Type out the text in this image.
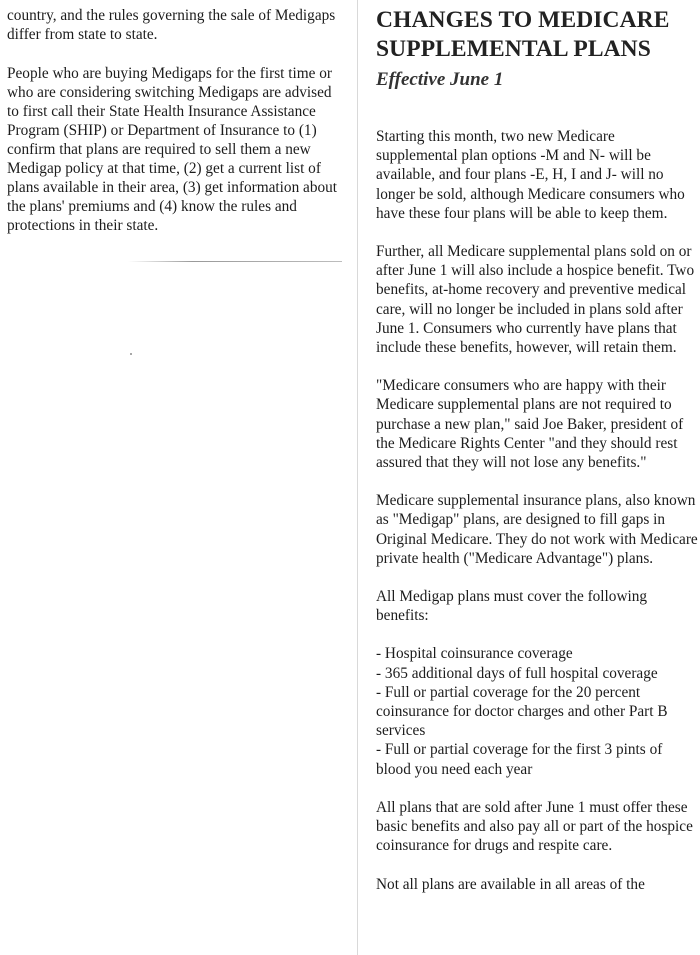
country, and the rules governing the sale of Medigaps differ from state to state.

People who are buying Medigaps for the first time or who are considering switching Medigaps are advised to first call their State Health Insurance Assistance Program (SHIP) or Department of Insurance to (1) confirm that plans are required to sell them a new Medigap policy at that time, (2) get a current list of plans available in their area, (3) get information about the plans' premiums and (4) know the rules and protections in their state.

CHANGES TO MEDICARE
SUPPLEMENTAL PLANS
Effective June 1

Starting this month, two new Medicare supplemental plan options -M and N- will be available, and four plans -E, H, I and J- will no longer be sold, although Medicare consumers who have these four plans will be able to keep them.

Further, all Medicare supplemental plans sold on or after June 1 will also include a hospice benefit. Two benefits, at-home recovery and preventive medical care, will no longer be included in plans sold after June 1. Consumers who currently have plans that include these benefits, however, will retain them.

"Medicare consumers who are happy with their Medicare supplemental plans are not required to purchase a new plan," said Joe Baker, president of the Medicare Rights Center "and they should rest assured that they will not lose any benefits."

Medicare supplemental insurance plans, also known as "Medigap" plans, are designed to fill gaps in Original Medicare. They do not work with Medicare private health ("Medicare Advantage") plans.

All Medigap plans must cover the following benefits:

- Hospital coinsurance coverage
- 365 additional days of full hospital coverage
- Full or partial coverage for the 20 percent coinsurance for doctor charges and other Part B services
- Full or partial coverage for the first 3 pints of blood you need each year

All plans that are sold after June 1 must offer these basic benefits and also pay all or part of the hospice coinsurance for drugs and respite care.

Not all plans are available in all areas of the
